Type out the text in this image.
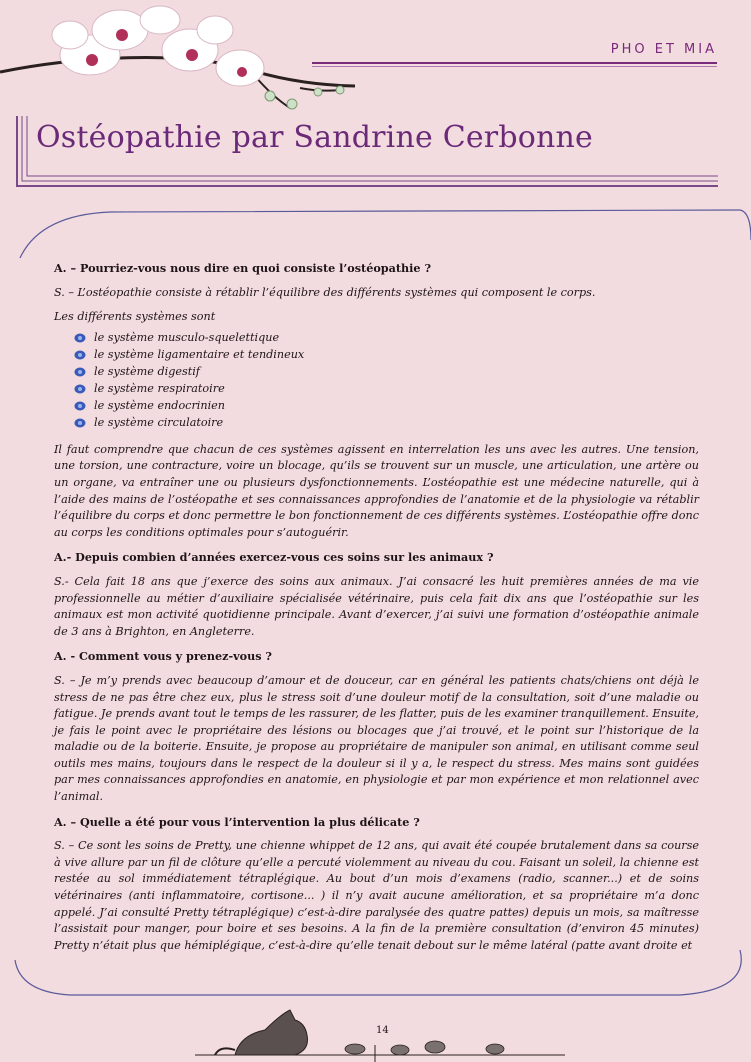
PHO ET MIA
Ostéopathie par Sandrine Cerbonne

A. – Pourriez-vous nous dire en quoi consiste l’ostéopathie ?

S. – L’ostéopathie consiste à rétablir l’équilibre des différents systèmes qui composent le corps.

Les différents systèmes sont

le système musculo-squelettique
le système ligamentaire et tendineux
le système digestif
le système respiratoire
le système endocrinien
le système circulatoire

Il faut comprendre que chacun de ces systèmes agissent en interrelation les uns avec les autres. Une tension, une torsion, une contracture, voire un blocage, qu’ils se trouvent sur un muscle, une articulation, une artère ou un organe, va entraîner une ou plusieurs dysfonctionnements. L’ostéopathie est une médecine naturelle, qui à l’aide des mains de l’ostéopathe et ses connaissances approfondies de l’anatomie et de la physiologie va rétablir l’équilibre du corps et donc permettre le bon fonctionnement de ces différents systèmes. L’ostéopathie offre donc au corps les conditions optimales pour s’autoguérir.

A.- Depuis combien d’années exercez-vous ces soins sur les animaux ?

S.- Cela fait 18 ans que j’exerce des soins aux animaux. J’ai consacré les huit premières années de ma vie professionnelle au métier d’auxiliaire spécialisée vétérinaire, puis cela fait dix ans que l’ostéopathie sur les animaux est mon activité quotidienne principale. Avant d’exercer, j’ai suivi une formation d’ostéopathie animale de 3 ans à Brighton, en Angleterre.

A. - Comment vous y prenez-vous ?

S. – Je m’y prends avec beaucoup d’amour et de douceur, car en général les patients chats/chiens ont déjà le stress de ne pas être chez eux, plus le stress soit d’une douleur motif de la consultation, soit d’une maladie ou fatigue. Je prends avant tout le temps de les rassurer, de les flatter, puis de les examiner tranquillement. Ensuite, je fais le point avec le propriétaire des lésions ou blocages que j’ai trouvé, et le point sur l’historique de la maladie ou de la boiterie. Ensuite, je propose au propriétaire de manipuler son animal, en utilisant comme seul outils mes mains, toujours dans le respect de la douleur si il y a, le respect du stress. Mes mains sont guidées par mes connaissances approfondies en anatomie, en physiologie et par mon expérience et mon relationnel avec l’animal.

A. – Quelle a été pour vous l’intervention la plus délicate ?

S. – Ce sont les soins de Pretty, une chienne whippet de 12 ans, qui avait été coupée brutalement dans sa course à vive allure par un fil de clôture qu’elle a percuté violemment au niveau du cou. Faisant un soleil, la chienne est restée au sol immédiatement tétraplégique. Au bout d’un mois d’examens (radio, scanner...) et de soins vétérinaires (anti inflammatoire, cortisone... ) il n’y avait aucune amélioration, et sa propriétaire m’a donc appelé. J’ai consulté Pretty tétraplégique) c’est-à-dire paralysée des quatre pattes) depuis un mois, sa maîtresse l’assistait pour manger, pour boire et ses besoins. A la fin de la première consultation (d’environ 45 minutes) Pretty n’était plus que hémiplégique, c’est-à-dire qu’elle tenait debout sur le même latéral (patte avant droite et

14
